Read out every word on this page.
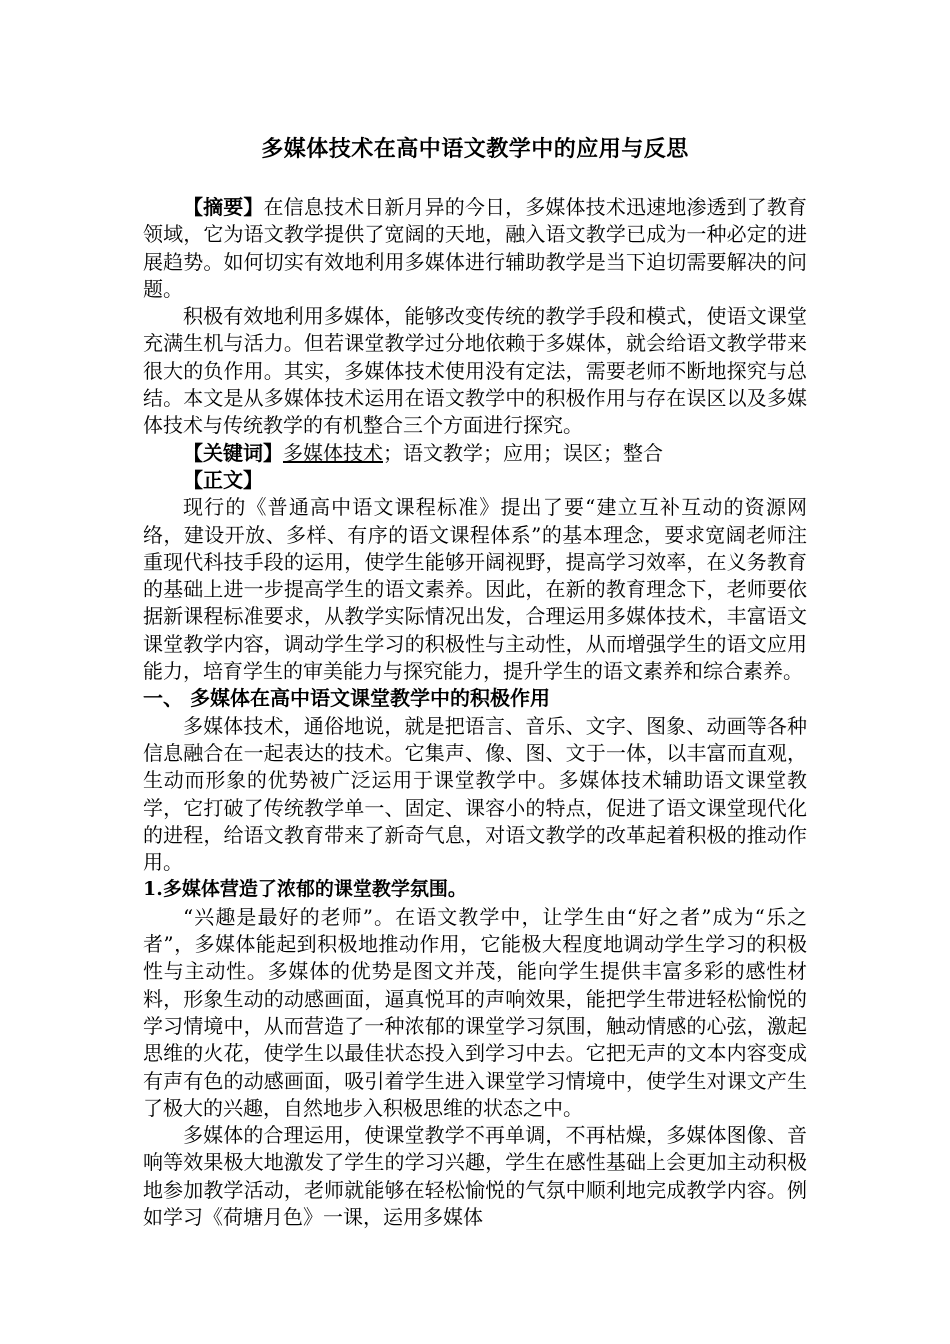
多媒体技术在高中语文教学中的应用与反思

【摘要】在信息技术日新月异的今日，多媒体技术迅速地渗透到了教育领域，它为语文教学提供了宽阔的天地，融入语文教学已成为一种必定的进展趋势。如何切实有效地利用多媒体进行辅助教学是当下迫切需要解决的问题。

积极有效地利用多媒体，能够改变传统的教学手段和模式，使语文课堂充满生机与活力。但若课堂教学过分地依赖于多媒体，就会给语文教学带来很大的负作用。其实，多媒体技术使用没有定法，需要老师不断地探究与总结。本文是从多媒体技术运用在语文教学中的积极作用与存在误区以及多媒体技术与传统教学的有机整合三个方面进行探究。

【关键词】多媒体技术；语文教学；应用；误区；整合

【正文】

现行的《普通高中语文课程标准》提出了要“建立互补互动的资源网络，建设开放、多样、有序的语文课程体系”的基本理念，要求宽阔老师注重现代科技手段的运用，使学生能够开阔视野，提高学习效率，在义务教育的基础上进一步提高学生的语文素养。因此，在新的教育理念下，老师要依据新课程标准要求，从教学实际情况出发，合理运用多媒体技术，丰富语文课堂教学内容，调动学生学习的积极性与主动性，从而增强学生的语文应用能力，培育学生的审美能力与探究能力，提升学生的语文素养和综合素养。

一、 多媒体在高中语文课堂教学中的积极作用

多媒体技术，通俗地说，就是把语言、音乐、文字、图象、动画等各种信息融合在一起表达的技术。它集声、像、图、文于一体，以丰富而直观，生动而形象的优势被广泛运用于课堂教学中。多媒体技术辅助语文课堂教学，它打破了传统教学单一、固定、课容小的特点，促进了语文课堂现代化的进程，给语文教育带来了新奇气息，对语文教学的改革起着积极的推动作用。

1.多媒体营造了浓郁的课堂教学氛围。

“兴趣是最好的老师”。在语文教学中，让学生由“好之者”成为“乐之者”，多媒体能起到积极地推动作用，它能极大程度地调动学生学习的积极性与主动性。多媒体的优势是图文并茂，能向学生提供丰富多彩的感性材料，形象生动的动感画面，逼真悦耳的声响效果，能把学生带进轻松愉悦的学习情境中，从而营造了一种浓郁的课堂学习氛围，触动情感的心弦，激起思维的火花，使学生以最佳状态投入到学习中去。它把无声的文本内容变成有声有色的动感画面，吸引着学生进入课堂学习情境中，使学生对课文产生了极大的兴趣，自然地步入积极思维的状态之中。

多媒体的合理运用，使课堂教学不再单调，不再枯燥，多媒体图像、音响等效果极大地激发了学生的学习兴趣，学生在感性基础上会更加主动积极地参加教学活动，老师就能够在轻松愉悦的气氛中顺利地完成教学内容。例如学习《荷塘月色》一课，运用多媒体
